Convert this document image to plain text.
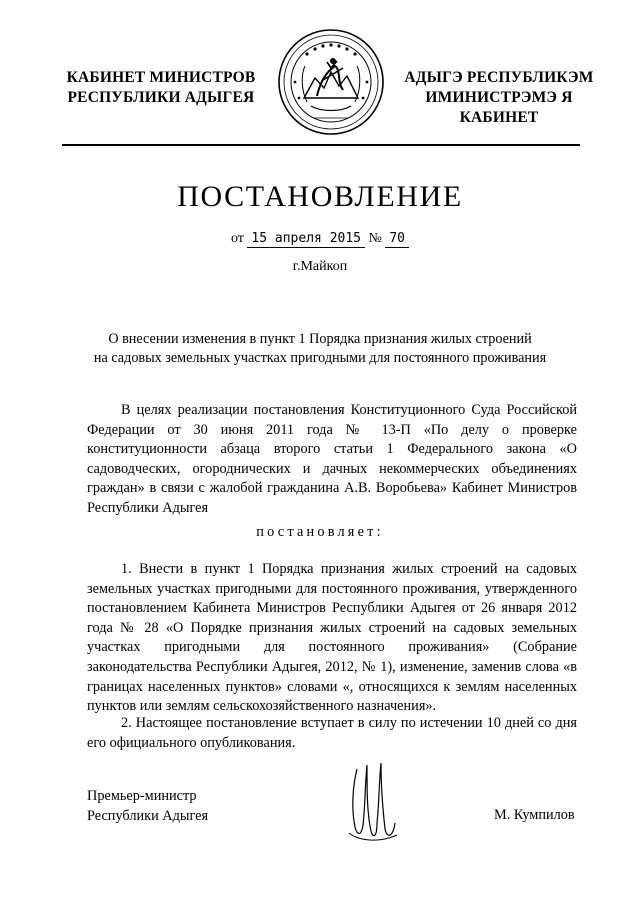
КАБИНЕТ МИНИСТРОВ
РЕСПУБЛИКИ АДЫГЕЯ
АДЫГЭ РЕСПУБЛИКЭМ
ИМИНИСТРЭМЭ Я КАБИНЕТ
ПОСТАНОВЛЕНИЕ
от 15 апреля 2015 № 70
г.Майкоп
О внесении изменения в пункт 1 Порядка признания жилых строений
на садовых земельных участках пригодными для постоянного проживания
В целях реализации постановления Конституционного Суда Российской Федерации от 30 июня 2011 года № 13-П «По делу о проверке конституционности абзаца второго статьи 1 Федерального закона «О садоводческих, огороднических и дачных некоммерческих объединениях граждан» в связи с жалобой гражданина А.В. Воробьева» Кабинет Министров Республики Адыгея
постановляет:
1. Внести в пункт 1 Порядка признания жилых строений на садовых земельных участках пригодными для постоянного проживания, утвержденного постановлением Кабинета Министров Республики Адыгея от 26 января 2012 года № 28 «О Порядке признания жилых строений на садовых земельных участках пригодными для постоянного проживания» (Собрание законодательства Республики Адыгея, 2012, № 1), изменение, заменив слова «в границах населенных пунктов» словами «, относящихся к землям населенных пунктов или землям сельскохозяйственного назначения».
2. Настоящее постановление вступает в силу по истечении 10 дней со дня его официального опубликования.
Премьер-министр
Республики Адыгея	М. Кумпилов
